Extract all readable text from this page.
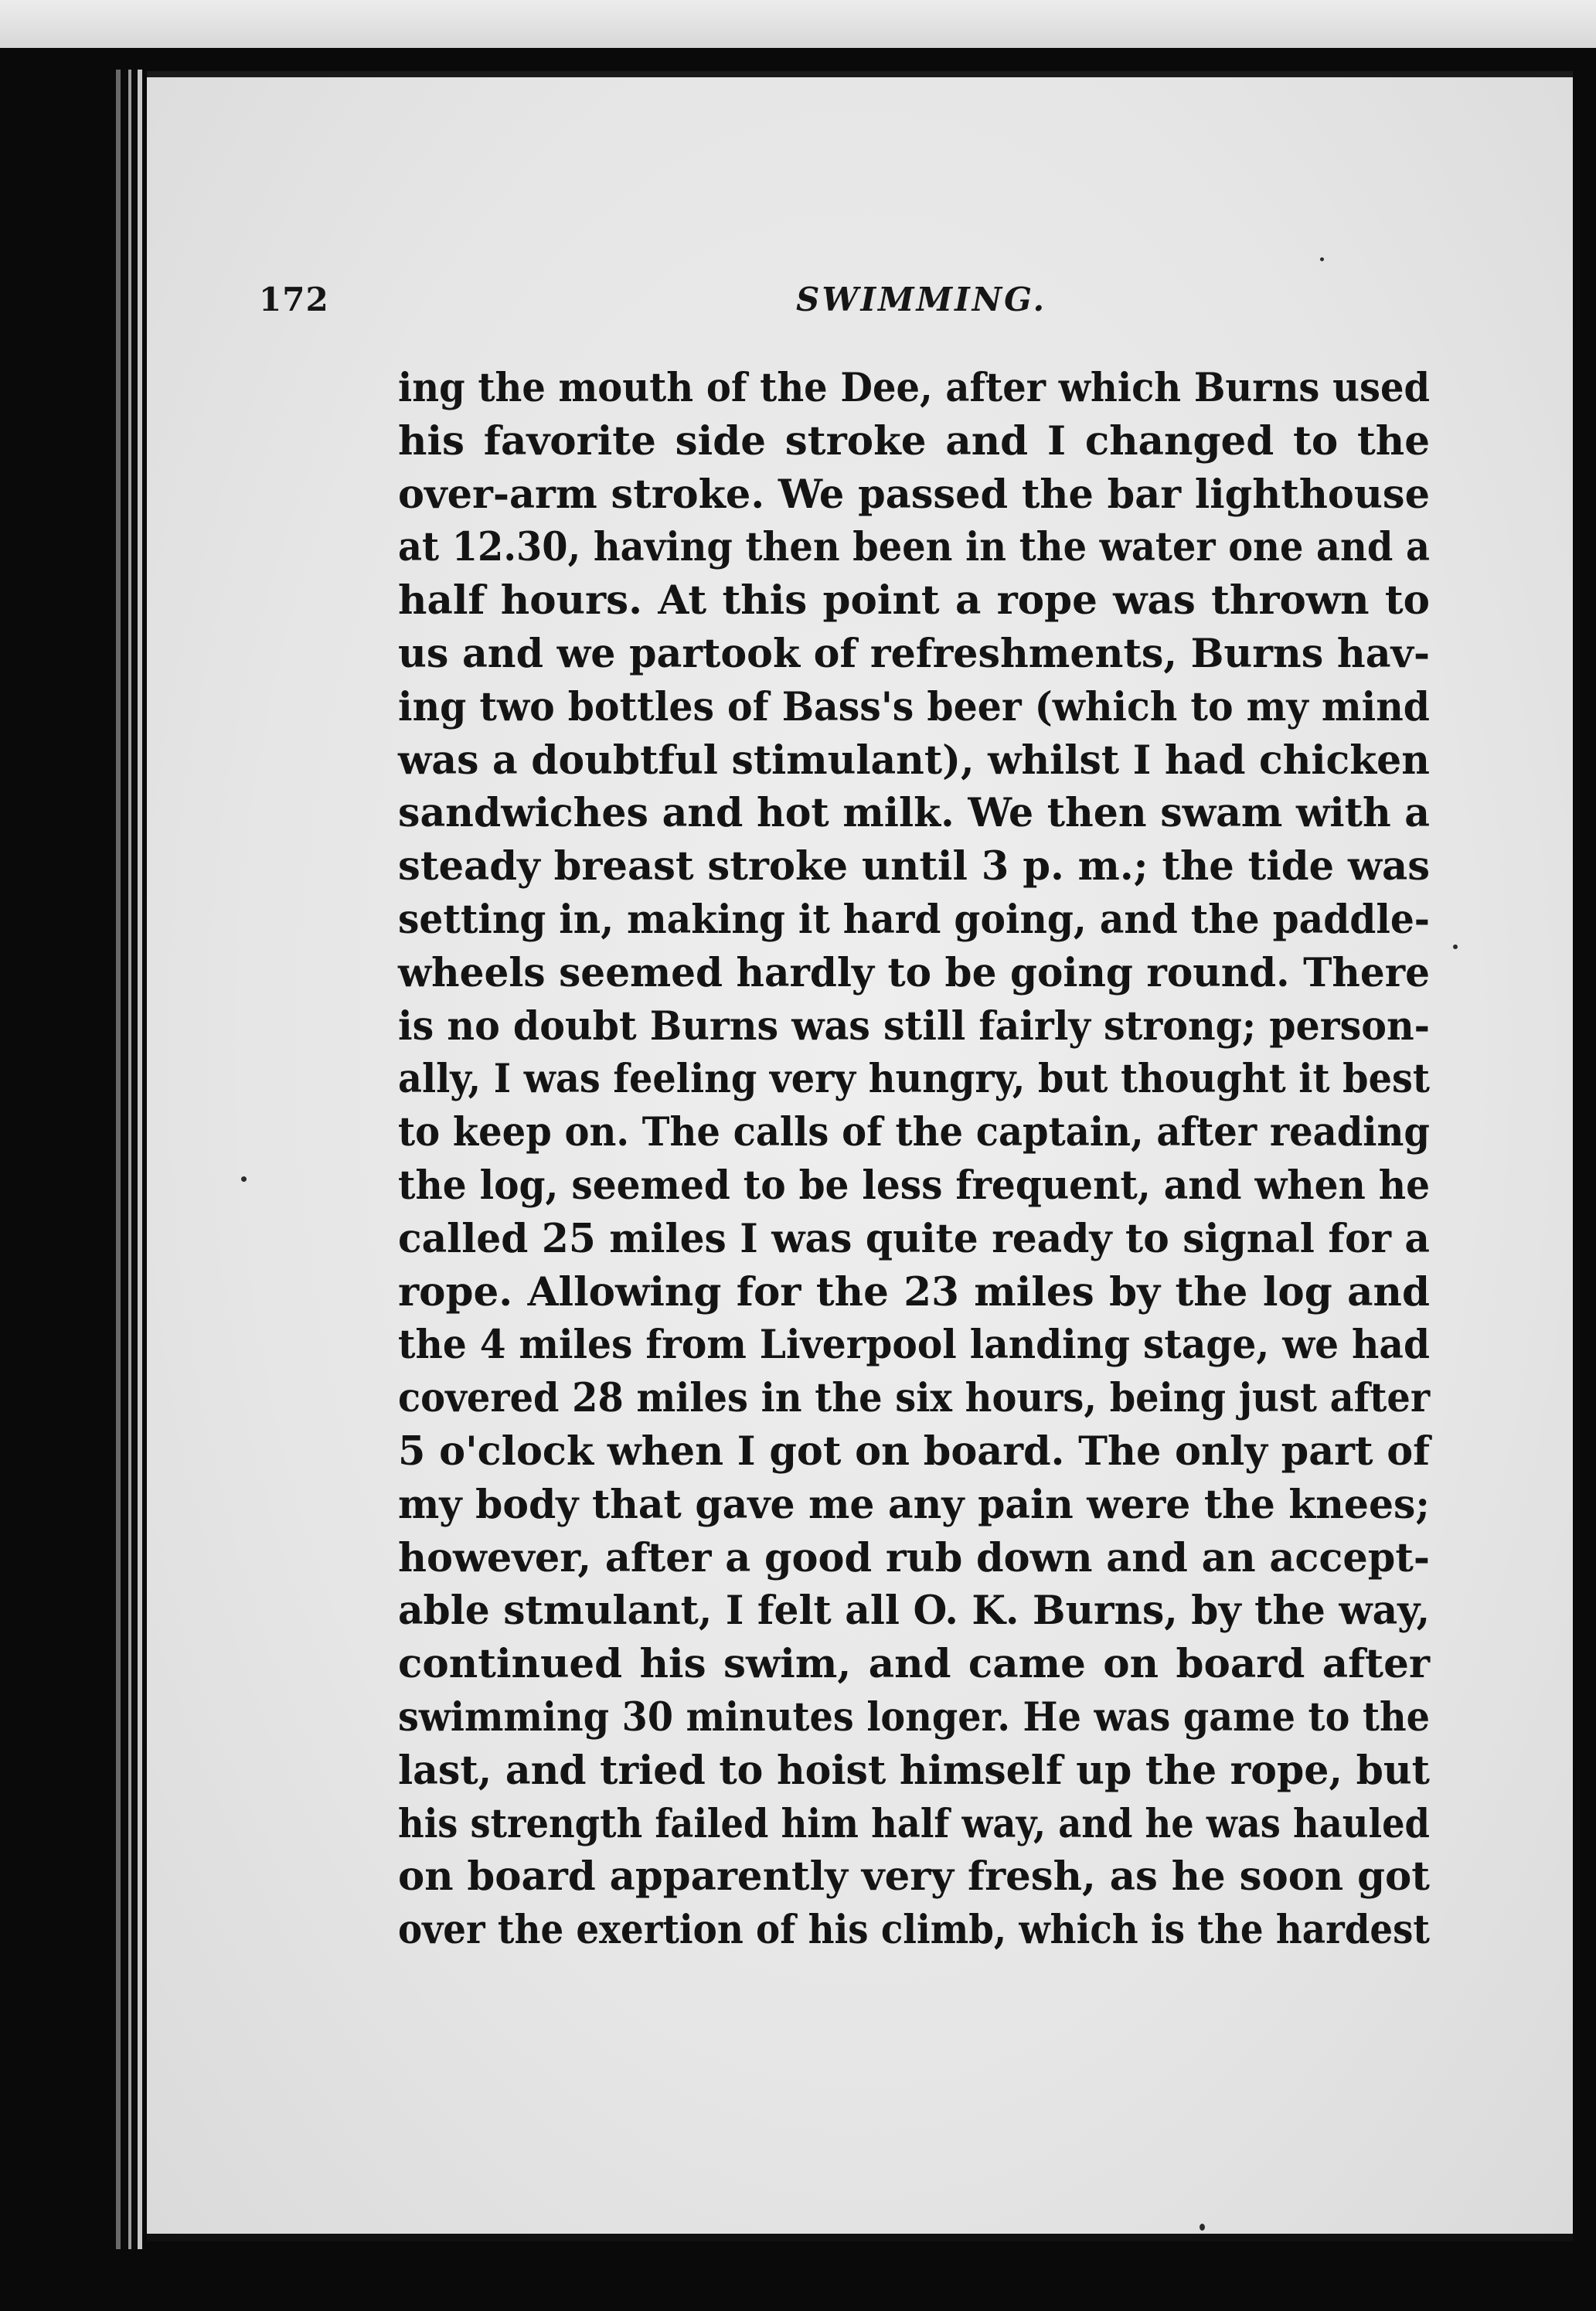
172	SWIMMING.
ing the mouth of the Dee, after which Burns used
his favorite side stroke and I changed to the
over-arm stroke. We passed the bar lighthouse
at 12.30, having then been in the water one and a
half hours. At this point a rope was thrown to
us and we partook of refreshments, Burns hav-
ing two bottles of Bass's beer (which to my mind
was a doubtful stimulant), whilst I had chicken
sandwiches and hot milk. We then swam with a
steady breast stroke until 3 p. m.; the tide was
setting in, making it hard going, and the paddle-
wheels seemed hardly to be going round. There
is no doubt Burns was still fairly strong; person-
ally, I was feeling very hungry, but thought it best
to keep on. The calls of the captain, after reading
the log, seemed to be less frequent, and when he
called 25 miles I was quite ready to signal for a
rope. Allowing for the 23 miles by the log and
the 4 miles from Liverpool landing stage, we had
covered 28 miles in the six hours, being just after
5 o'clock when I got on board. The only part of
my body that gave me any pain were the knees;
however, after a good rub down and an accept-
able stmulant, I felt all O. K. Burns, by the way,
continued his swim, and came on board after
swimming 30 minutes longer. He was game to the
last, and tried to hoist himself up the rope, but
his strength failed him half way, and he was hauled
on board apparently very fresh, as he soon got
over the exertion of his climb, which is the hardest
